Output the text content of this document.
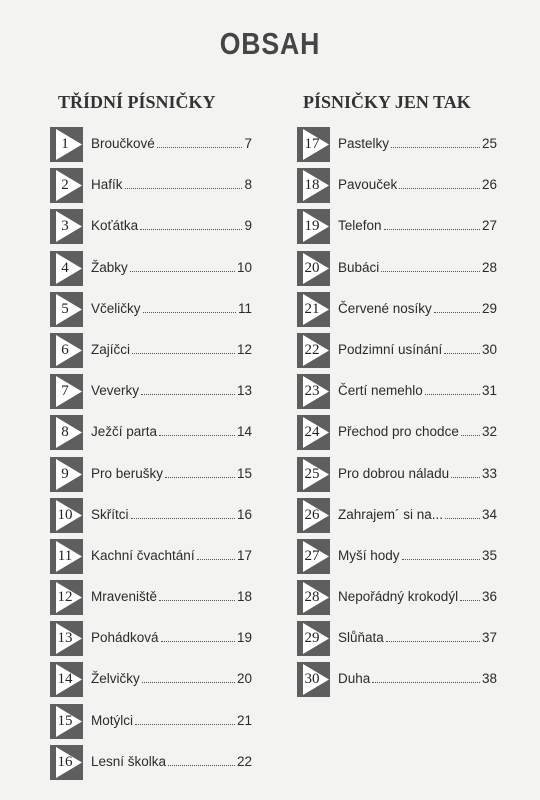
OBSAH
TŘÍDNÍ PÍSNIČKY
1	Broučkové	7
2	Hafík	8
3	Koťátka	9
4	Žabky	10
5	Včeličky	11
6	Zajíčci	12
7	Veverky	13
8	Ježčí parta	14
9	Pro berušky	15
10	Skřítci	16
11	Kachní čvachtání	17
12	Mraveniště	18
13	Pohádková	19
14	Želvičky	20
15	Motýlci	21
16	Lesní školka	22
PÍSNIČKY JEN TAK
17	Pastelky	25
18	Pavouček	26
19	Telefon	27
20	Bubáci	28
21	Červené nosíky	29
22	Podzimní usínání	30
23	Čertí nemehlo	31
24	Přechod pro chodce 32
25	Pro dobrou náladu 33
26	Zahrajem´ si na...	34
27	Myší hody	35
28	Nepořádný krokodýl 36
29	Slůňata	37
30	Duha	38
